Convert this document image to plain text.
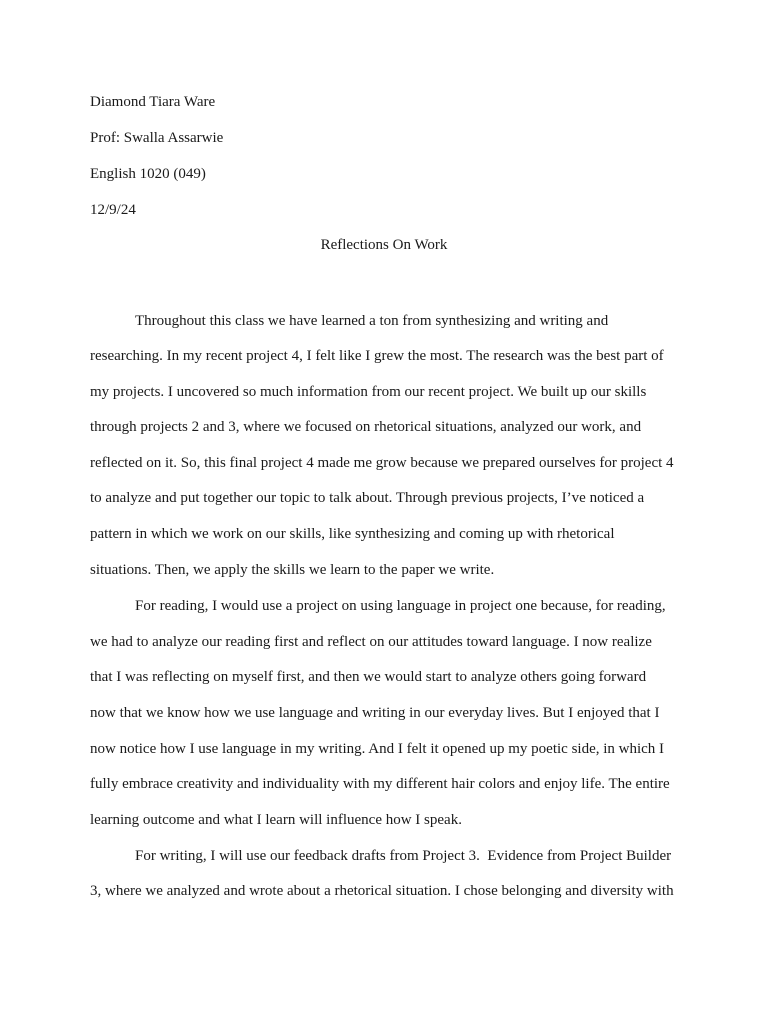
Diamond Tiara Ware
Prof: Swalla Assarwie
English 1020 (049)
12/9/24
Reflections On Work
Throughout this class we have learned a ton from synthesizing and writing and
researching. In my recent project 4, I felt like I grew the most. The research was the best part of
my projects. I uncovered so much information from our recent project. We built up our skills
through projects 2 and 3, where we focused on rhetorical situations, analyzed our work, and
reflected on it. So, this final project 4 made me grow because we prepared ourselves for project 4
to analyze and put together our topic to talk about. Through previous projects, I’ve noticed a
pattern in which we work on our skills, like synthesizing and coming up with rhetorical
situations. Then, we apply the skills we learn to the paper we write.
For reading, I would use a project on using language in project one because, for reading,
we had to analyze our reading first and reflect on our attitudes toward language. I now realize
that I was reflecting on myself first, and then we would start to analyze others going forward
now that we know how we use language and writing in our everyday lives. But I enjoyed that I
now notice how I use language in my writing. And I felt it opened up my poetic side, in which I
fully embrace creativity and individuality with my different hair colors and enjoy life. The entire
learning outcome and what I learn will influence how I speak.
For writing, I will use our feedback drafts from Project 3.  Evidence from Project Builder
3, where we analyzed and wrote about a rhetorical situation. I chose belonging and diversity with
